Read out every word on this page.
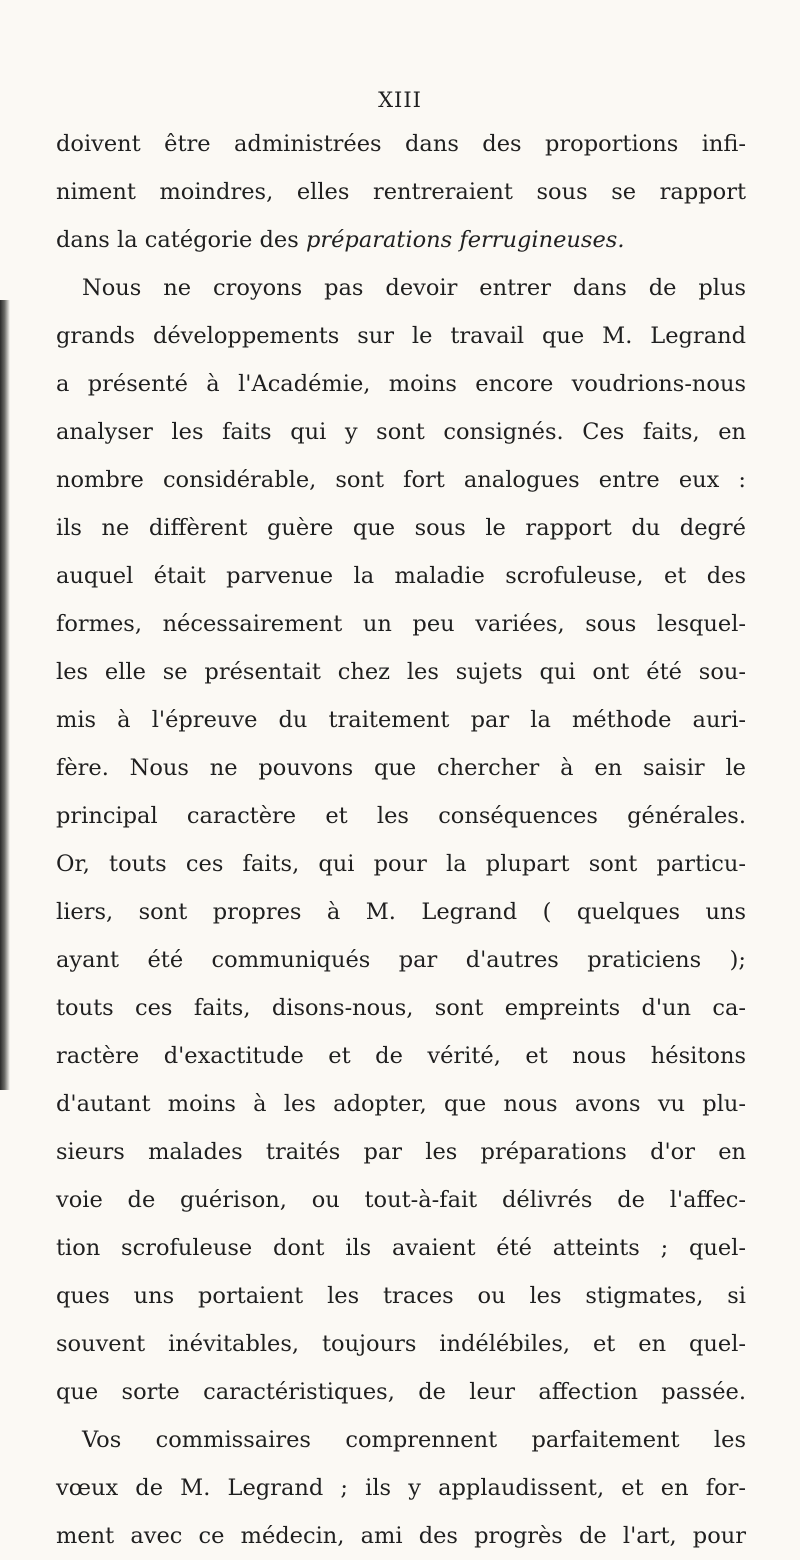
XIII
doivent être administrées dans des proportions infi-
niment moindres, elles rentreraient sous se rapport
dans la catégorie des préparations ferrugineuses.
Nous ne croyons pas devoir entrer dans de plus
grands développements sur le travail que M. Legrand
a présenté à l'Académie, moins encore voudrions-nous
analyser les faits qui y sont consignés. Ces faits, en
nombre considérable, sont fort analogues entre eux :
ils ne diffèrent guère que sous le rapport du degré
auquel était parvenue la maladie scrofuleuse, et des
formes, nécessairement un peu variées, sous lesquel-
les elle se présentait chez les sujets qui ont été sou-
mis à l'épreuve du traitement par la méthode auri-
fère. Nous ne pouvons que chercher à en saisir le
principal caractère et les conséquences générales.
Or, touts ces faits, qui pour la plupart sont particu-
liers, sont propres à M. Legrand ( quelques uns
ayant été communiqués par d'autres praticiens );
touts ces faits, disons-nous, sont empreints d'un ca-
ractère d'exactitude et de vérité, et nous hésitons
d'autant moins à les adopter, que nous avons vu plu-
sieurs malades traités par les préparations d'or en
voie de guérison, ou tout-à-fait délivrés de l'affec-
tion scrofuleuse dont ils avaient été atteints ; quel-
ques uns portaient les traces ou les stigmates, si
souvent inévitables, toujours indélébiles, et en quel-
que sorte caractéristiques, de leur affection passée.
Vos commissaires comprennent parfaitement les
vœux de M. Legrand ; ils y applaudissent, et en for-
ment avec ce médecin, ami des progrès de l'art, pour
